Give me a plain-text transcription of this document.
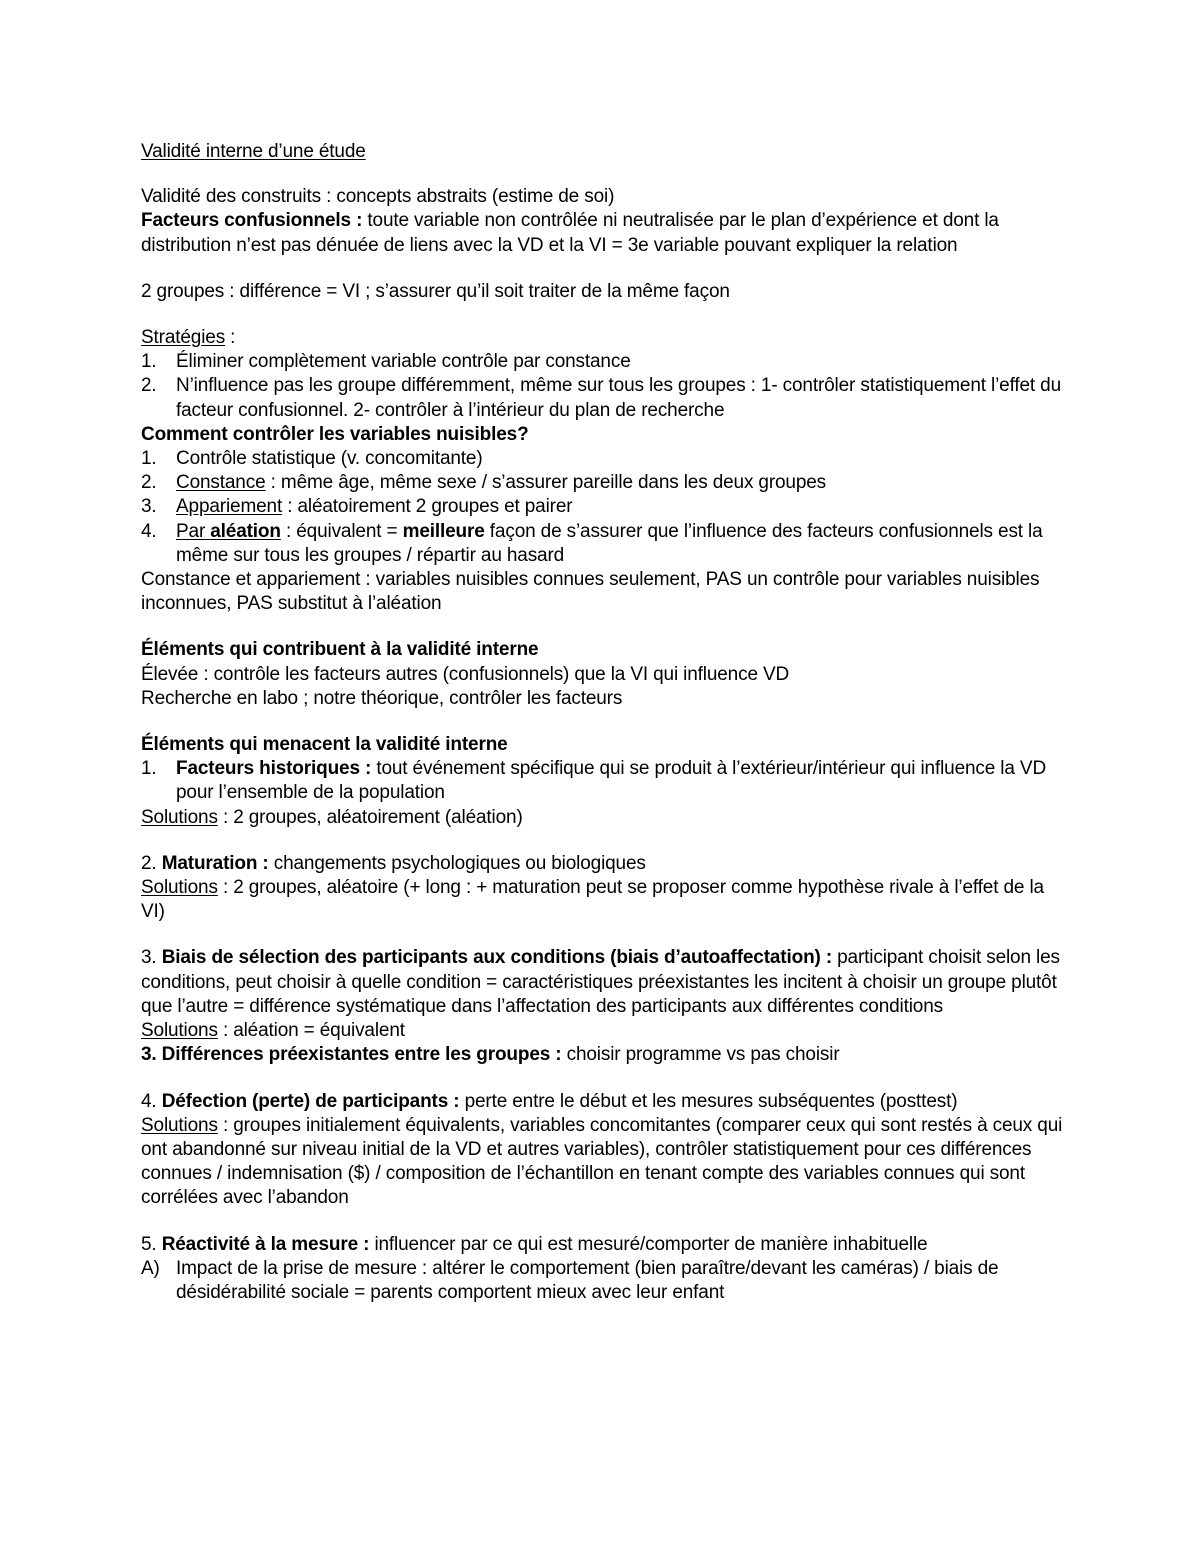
Validité interne d’une étude

Validité des construits : concepts abstraits (estime de soi)

Facteurs confusionnels : toute variable non contrôlée ni neutralisée par le plan d’expérience et dont la distribution n’est pas dénuée de liens avec la VD et la VI = 3e variable pouvant expliquer la relation

2 groupes : différence = VI ; s’assurer qu’il soit traiter de la même façon

Stratégies :

1. Éliminer complètement variable contrôle par constance
2. N’influence pas les groupe différemment, même sur tous les groupes : 1- contrôler statistiquement l’effet du facteur confusionnel. 2- contrôler à l’intérieur du plan de recherche

Comment contrôler les variables nuisibles?

1. Contrôle statistique (v. concomitante)
2. Constance : même âge, même sexe / s’assurer pareille dans les deux groupes
3. Appariement : aléatoirement 2 groupes et pairer
4. Par aléation : équivalent = meilleure façon de s’assurer que l’influence des facteurs confusionnels est la même sur tous les groupes / répartir au hasard

Constance et appariement : variables nuisibles connues seulement, PAS un contrôle pour variables nuisibles inconnues, PAS substitut à l’aléation

Éléments qui contribuent à la validité interne

Élevée : contrôle les facteurs autres (confusionnels) que la VI qui influence VD

Recherche en labo ; notre théorique, contrôler les facteurs

Éléments qui menacent la validité interne

1. Facteurs historiques : tout événement spécifique qui se produit à l’extérieur/intérieur qui influence la VD pour l’ensemble de la population

Solutions : 2 groupes, aléatoirement (aléation)

2. Maturation : changements psychologiques ou biologiques

Solutions : 2 groupes, aléatoire (+ long : + maturation peut se proposer comme hypothèse rivale à l’effet de la VI)

3. Biais de sélection des participants aux conditions (biais d’autoaffectation) : participant choisit selon les conditions, peut choisir à quelle condition = caractéristiques préexistantes les incitent à choisir un groupe plutôt que l’autre = différence systématique dans l’affectation des participants aux différentes conditions

Solutions : aléation = équivalent

3. Différences préexistantes entre les groupes : choisir programme vs pas choisir

4. Défection (perte) de participants : perte entre le début et les mesures subséquentes (posttest)

Solutions : groupes initialement équivalents, variables concomitantes (comparer ceux qui sont restés à ceux qui ont abandonné sur niveau initial de la VD et autres variables), contrôler statistiquement pour ces différences connues / indemnisation ($) / composition de l’échantillon en tenant compte des variables connues qui sont corrélées avec l’abandon

5. Réactivité à la mesure : influencer par ce qui est mesuré/comporter de manière inhabituelle

A) Impact de la prise de mesure : altérer le comportement (bien paraître/devant les caméras) / biais de désidérabilité sociale = parents comportent mieux avec leur enfant
